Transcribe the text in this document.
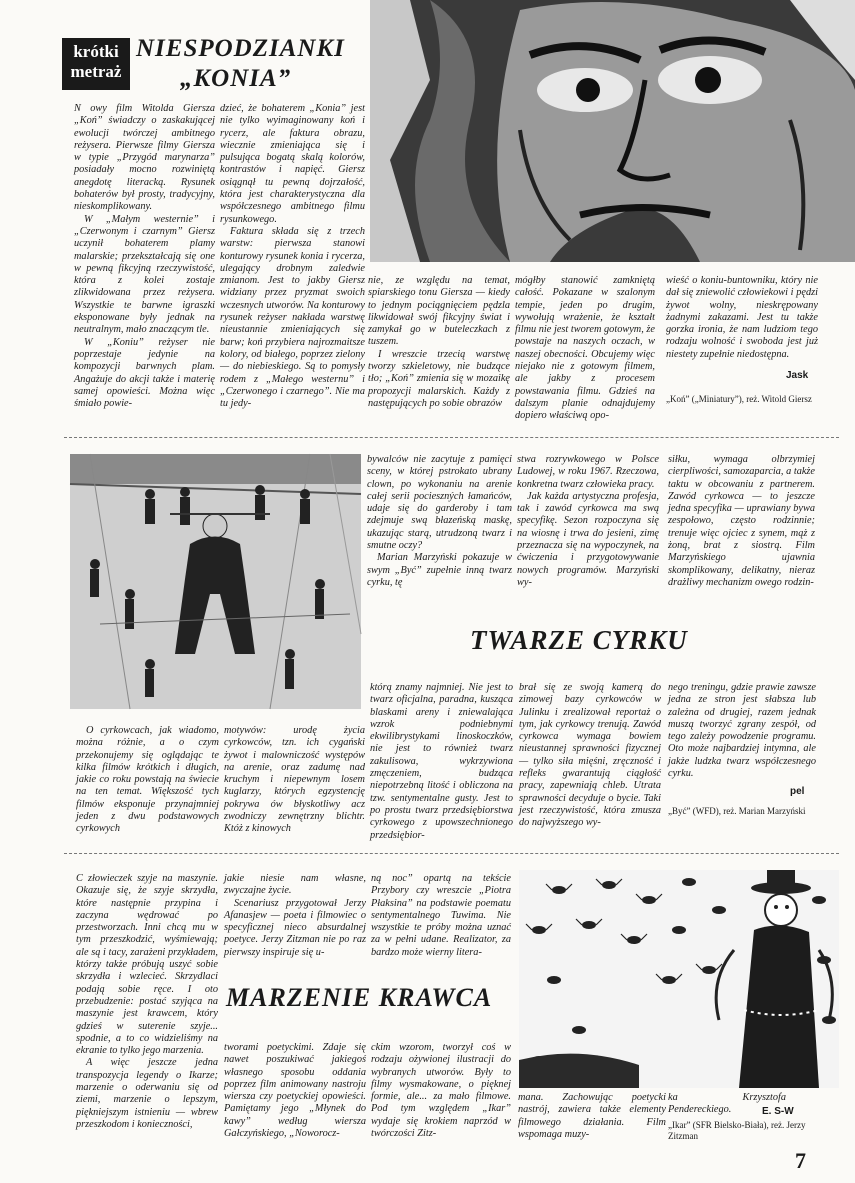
krótki
metraż
NIESPODZIANKI
„KONIA”

N owy film Witolda Giersza „Koń” świadczy o zaskakującej ewolucji twórczej ambitnego reżysera. Pierwsze filmy Giersza w typie „Przygód marynarza” posiadały mocno rozwiniętą anegdotę literacką. Rysunek bohaterów był prosty, tradycyjny, nieskomplikowany.

W „Małym westernie” i „Czerwonym i czarnym” Giersz uczynił bohaterem plamy malarskie; przekształcają się one w pewną fikcyjną rzeczywistość, która z kolei zostaje zlikwidowana przez reżysera. Wszystkie te barwne igraszki eksponowane były jednak na neutralnym, mało znaczącym tle.

W „Koniu” reżyser nie poprzestaje jedynie na kompozycji barwnych plam. Angażuje do akcji także i materię samej opowieści. Można więc śmiało powie-

dzieć, że bohaterem „Konia” jest nie tylko wyimaginowany koń i rycerz, ale faktura obrazu, wiecznie zmieniająca się i pulsująca bogatą skalą kolorów, kontrastów i napięć. Giersz osiągnął tu pewną dojrzałość, która jest charakterystyczna dla współczesnego ambitnego filmu rysunkowego.

Faktura składa się z trzech warstw: pierwsza stanowi konturowy rysunek konia i rycerza, ulegający drobnym zaledwie zmianom. Jest to jakby Giersz widziany przez pryzmat swoich wczesnych utworów. Na konturowy rysunek reżyser nakłada warstwę nieustannie zmieniających się barw; koń przybiera najrozmaitsze kolory, od białego, poprzez zielony — do niebieskiego. Są to pomysły rodem z „Małego westernu” i „Czerwonego i czarnego”. Nie ma tu jedy-

nie, ze względu na temat, spiarskiego tonu Giersza — kiedy to jednym pociągnięciem pędzla likwidował swój fikcyjny świat i zamykał go w buteleczkach z tuszem.

I wreszcie trzecią warstwę tworzy szkieletowy, nie budzące tło; „Koń” zmienia się w mozaikę propozycji malarskich. Każdy z następujących po sobie obrazów

mógłby stanowić zamkniętą całość. Pokazane w szalonym tempie, jeden po drugim, wywołują wrażenie, że kształt filmu nie jest tworem gotowym, że powstaje na naszych oczach, w naszej obecności. Obcujemy więc niejako nie z gotowym filmem, ale jakby z procesem powstawania filmu. Gdzieś na dalszym planie odnajdujemy dopiero właściwą opo-

wieść o koniu-buntowniku, który nie dał się zniewolić człowiekowi i pędzi żywot wolny, nieskrępowany żadnymi zakazami. Jest tu także gorzka ironia, że nam ludziom tego rodzaju wolność i swoboda jest już niestety zupełnie niedostępna.

Jask
„Koń” („Miniatury”), reż. Witold Giersz

bywalców nie zacytuje z pamięci sceny, w której pstrokato ubrany clown, po wykonaniu na arenie całej serii pocieszných łamańców, udaje się do garderoby i tam zdejmuje swą błazeńską maskę, ukazując starą, utrudzoną twarz i smutne oczy?

Marian Marzyński pokazuje w swym „Być” zupełnie inną twarz cyrku, tę

stwa rozrywkowego w Polsce Ludowej, w roku 1967. Rzeczowa, konkretna twarz człowieka pracy.

Jak każda artystyczna profesja, tak i zawód cyrkowca ma swą specyfikę. Sezon rozpoczyna się na wiosnę i trwa do jesieni, zimę przeznacza się na wypoczynek, na ćwiczenia i przygotowywanie nowych programów. Marzyński wy-

siłku, wymaga olbrzymiej cierpliwości, samozaparcia, a także taktu w obcowaniu z partnerem. Zawód cyrkowca — to jeszcze jedna specyfika — uprawiany bywa zespołowo, często rodzinnie; trenuje więc ojciec z synem, mąż z żoną, brat z siostrą. Film Marzyńskiego ujawnia skomplikowany, delikatny, nieraz drażliwy mechanizm owego rodzin-

TWARZE CYRKU

O cyrkowcach, jak wiadomo, można różnie, a o czym przekonujemy się oglądając te kilka filmów krótkich i długich, jakie co roku powstają na świecie na ten temat. Większość tych filmów eksponuje przynajmniej jeden z dwu podstawowych cyrkowych

motywów: urodę życia cyrkowców, tzn. ich cygański żywot i malowniczość występów na arenie, oraz zadumę nad kruchym i niepewnym losem kuglarzy, których egzystencję pokrywa ów błyskotliwy acz zwodniczy zewnętrzny blichtr. Któż z kinowych

którą znamy najmniej. Nie jest to twarz oficjalna, paradna, kusząca blaskami areny i zniewalająca wzrok podniebnymi ekwilibrystykami linoskoczków, nie jest to również twarz zakulisowa, wykrzywiona zmęczeniem, budząca niepotrzebną litość i obliczona na tzw. sentymentalne gusty. Jest to po prostu twarz przedsiębiorstwa cyrkowego z upowszechnionego przedsiębior-

brał się ze swoją kamerą do zimowej bazy cyrkowców w Julinku i zrealizował reportaż o tym, jak cyrkowcy trenują. Zawód cyrkowca wymaga bowiem nieustannej sprawności fizycznej — tylko siła mięśni, zręczność i refleks gwarantują ciągłość pracy, zapewniają chleb. Utrata sprawności decyduje o bycie. Taki jest rzeczywistość, która zmusza do najwyższego wy-

nego treningu, gdzie prawie zawsze jedna ze stron jest słabsza lub zależna od drugiej, razem jednak muszą tworzyć zgrany zespół, od tego zależy powodzenie programu. Oto może najbardziej intymna, ale jakże ludzka twarz współczesnego cyrku.

pel
„Być” (WFD), reż. Marian Marzyński

C złowieczek szyje na maszynie. Okazuje się, że szyje skrzydła, które następnie przypina i zaczyna wędrować po przestworzach. Inni chcą mu w tym przeszkodzić, wyśmiewają; ale są i tacy, zarażeni przykładem, którzy także próbują uszyć sobie skrzydła i wzlecieć. Skrzydlaci podają sobie ręce. I oto przebudzenie: postać szyjąca na maszynie jest krawcem, który gdzieś w suterenie szyje... spodnie, a to co widzieliśmy na ekranie to tylko jego marzenia.

A więc jeszcze jedna transpozycja legendy o Ikarze; marzenie o oderwaniu się od ziemi, marzenie o lepszym, piękniejszym istnieniu — wbrew przeszkodom i konieczności,

jakie niesie nam własne, zwyczajne życie.

Scenariusz przygotował Jerzy Afanasjew — poeta i filmowiec o specyficznej nieco absurdalnej poetyce. Jerzy Zitzman nie po raz pierwszy inspiruje się u-

ną noc” opartą na tekście Przybory czy wreszcie „Piotra Płaksina” na podstawie poematu sentymentalnego Tuwima. Nie wszystkie te próby można uznać za w pełni udane. Realizator, za bardzo może wierny litera-

MARZENIE KRAWCA

tworami poetyckimi. Zdaje się nawet poszukiwać jakiegoś własnego sposobu oddania poprzez film animowany nastroju wiersza czy poetyckiej opowieści. Pamiętamy jego „Młynek do kawy” według wiersza Gałczyńskiego, „Noworocz-

ckim wzorom, tworzył coś w rodzaju ożywionej ilustracji do wybranych utworów. Były to filmy wysmakowane, o pięknej formie, ale... za mało filmowe. Pod tym względem „Ikar” wydaje się krokiem naprzód w twórczości Zitz-

mana. Zachowując poetycki nastrój, zawiera także elementy filmowego działania. Film wspomaga muzy-

ka Krzysztofa Pendereckiego.	E. S-W
„Ikar” (SFR Bielsko-Biała), reż. Jerzy Zitzman
7
